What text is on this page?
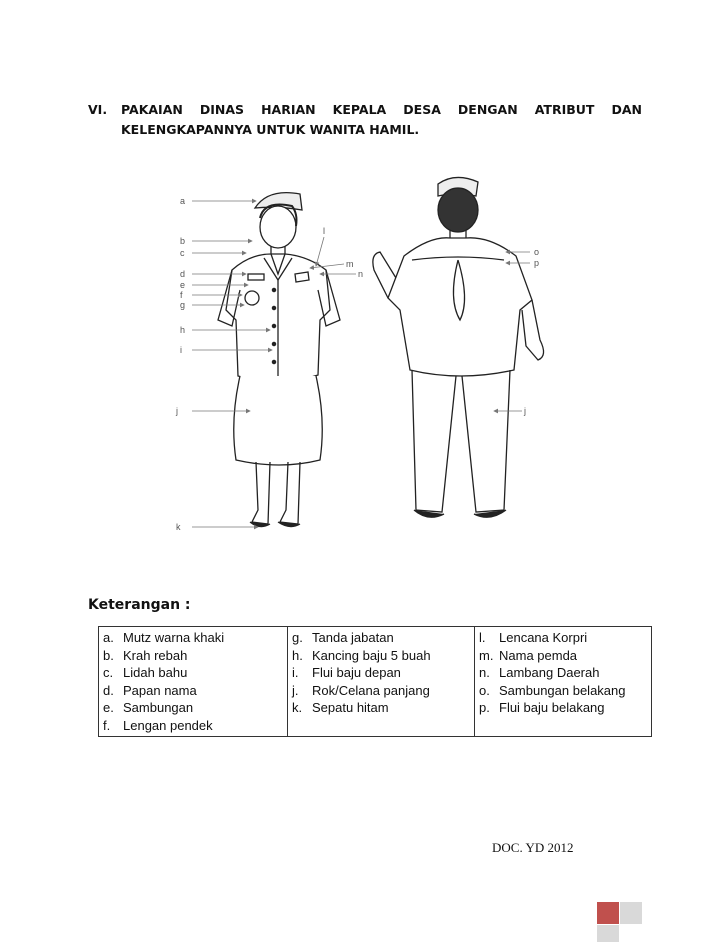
VI. PAKAIAN DINAS HARIAN KEPALA DESA DENGAN ATRIBUT DAN
KELENGKAPANNYA UNTUK WANITA HAMIL.
a
b
c
d
e
f
g
h
i
j
k
l
m
n
o
p
j
Keterangan :
a. Mutz warna khaki
b. Krah rebah
c. Lidah bahu
d. Papan nama
e. Sambungan
f. Lengan pendek

g. Tanda jabatan
h. Kancing baju 5 buah
i.	Flui baju depan
j.	Rok/Celana panjang
k. Sepatu hitam

l.	Lencana Korpri
m. Nama pemda
n. Lambang Daerah
o. Sambungan belakang
p. Flui baju belakang
DOC. YD 2012
